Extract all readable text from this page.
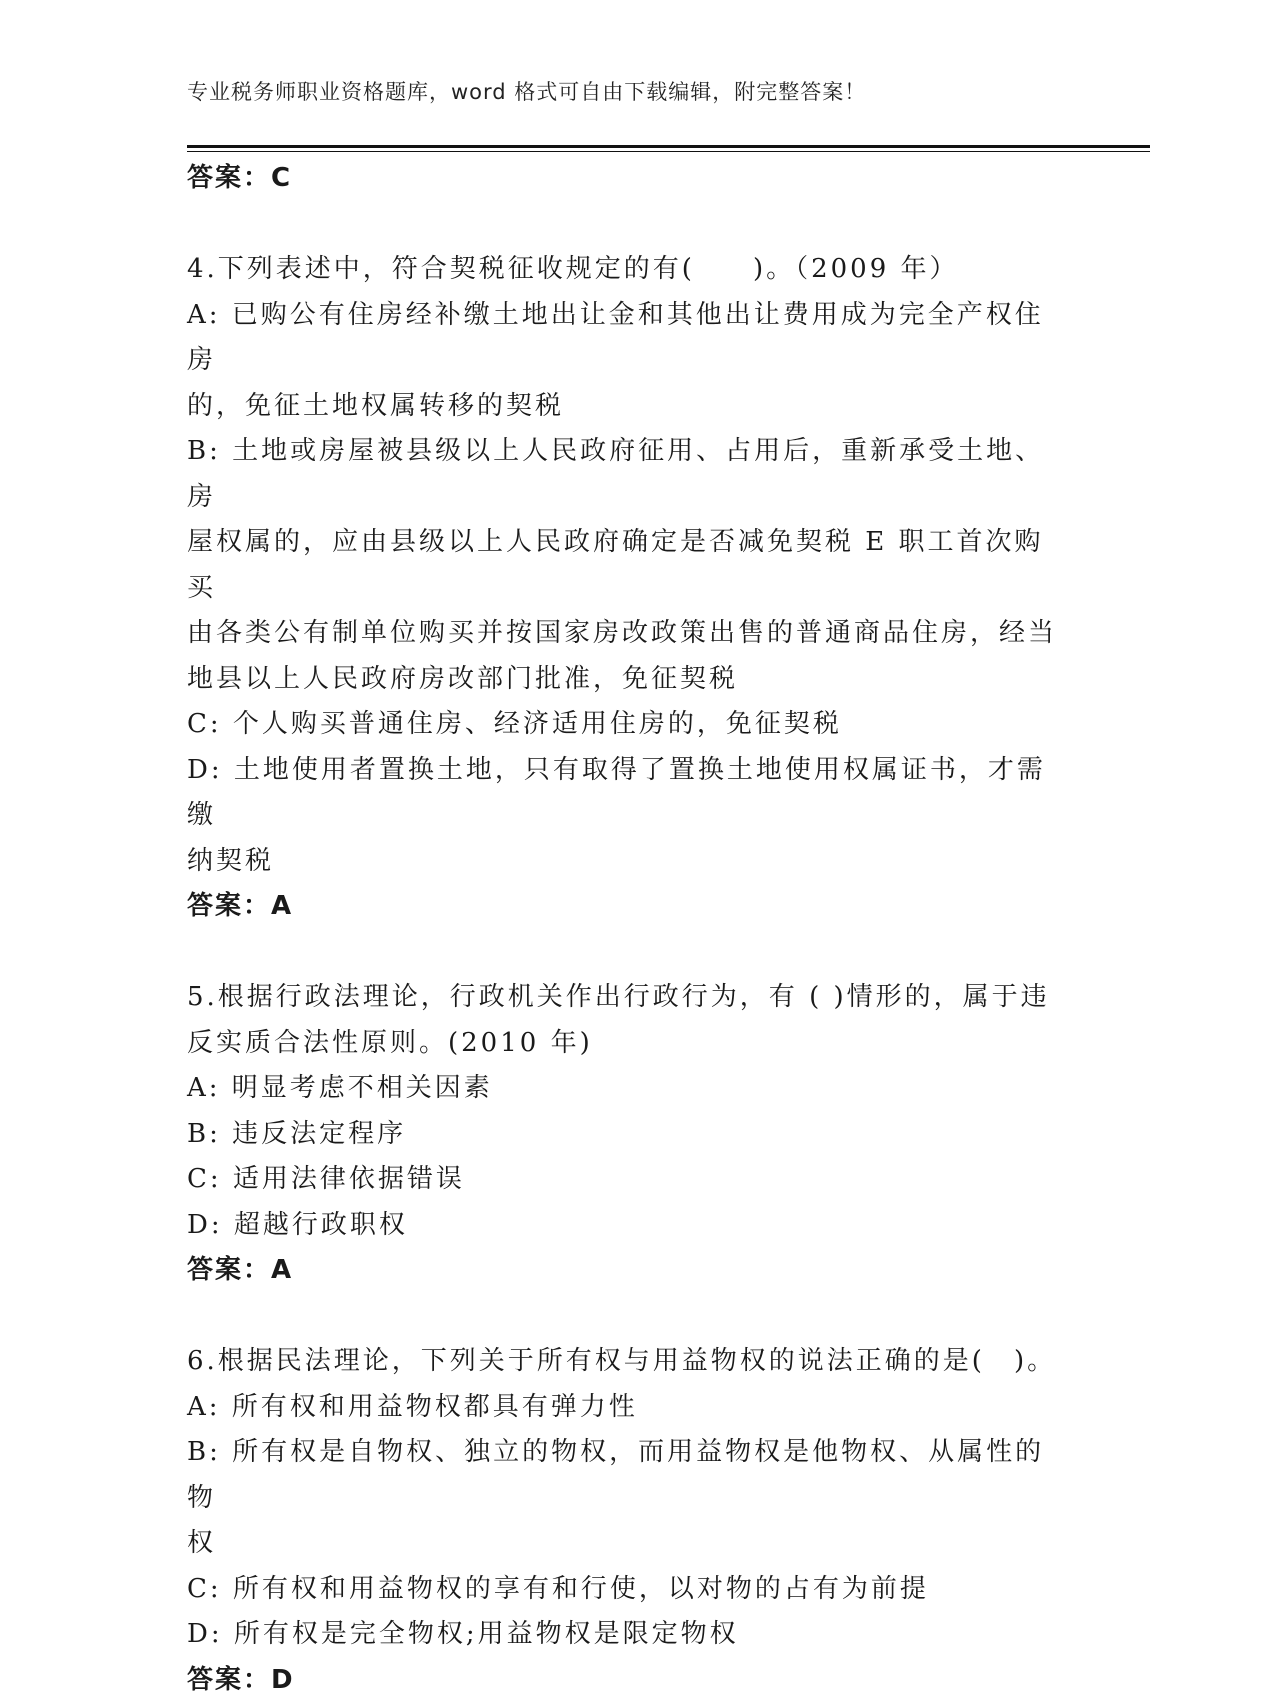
专业税务师职业资格题库，word 格式可自由下载编辑，附完整答案！
答案：C
4.下列表述中，符合契税征收规定的有(　　)。（2009 年）
A: 已购公有住房经补缴土地出让金和其他出让费用成为完全产权住房
的，免征土地权属转移的契税
B: 土地或房屋被县级以上人民政府征用、占用后，重新承受土地、房
屋权属的，应由县级以上人民政府确定是否减免契税 E 职工首次购买
由各类公有制单位购买并按国家房改政策出售的普通商品住房，经当
地县以上人民政府房改部门批准，免征契税
C: 个人购买普通住房、经济适用住房的，免征契税
D: 土地使用者置换土地，只有取得了置换土地使用权属证书，才需缴
纳契税
答案：A
5.根据行政法理论，行政机关作出行政行为，有 ( )情形的，属于违
反实质合法性原则。(2010 年)
A: 明显考虑不相关因素
B: 违反法定程序
C: 适用法律依据错误
D: 超越行政职权
答案：A
6.根据民法理论，下列关于所有权与用益物权的说法正确的是(　)。
A: 所有权和用益物权都具有弹力性
B: 所有权是自物权、独立的物权，而用益物权是他物权、从属性的物
权
C: 所有权和用益物权的享有和行使，以对物的占有为前提
D: 所有权是完全物权;用益物权是限定物权
答案：D
